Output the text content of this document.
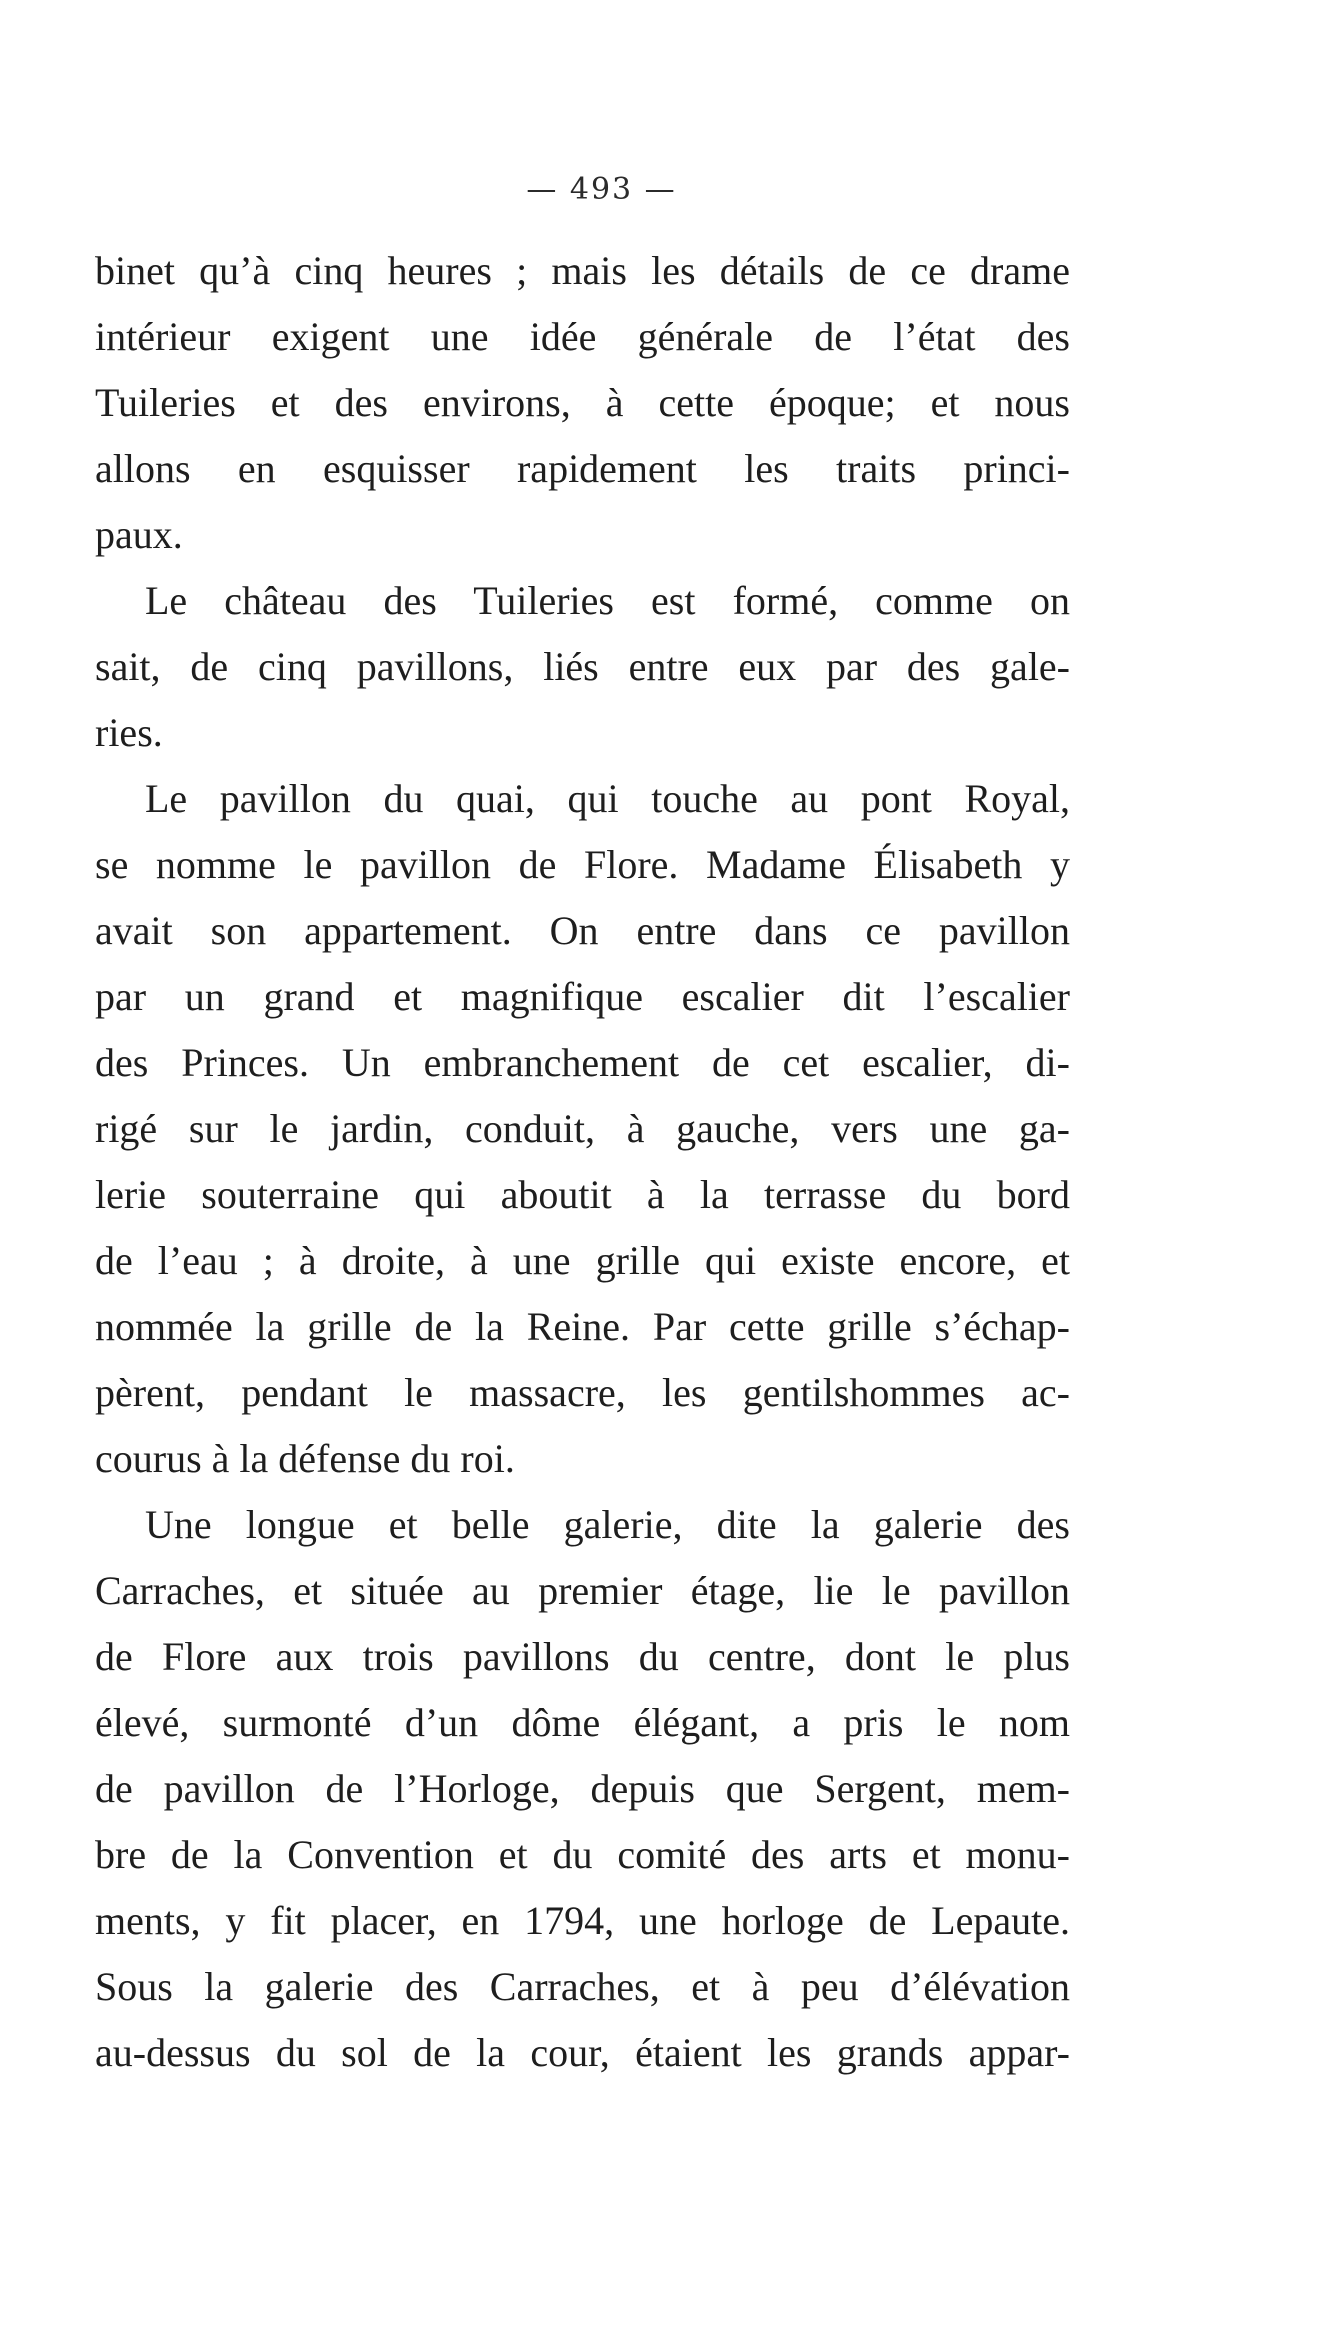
— 493 —
binet qu’à cinq heures ; mais les détails de ce drame
intérieur exigent une idée générale de l’état des
Tuileries et des environs, à cette époque; et nous
allons en esquisser rapidement les traits princi-
paux.
Le château des Tuileries est formé, comme on
sait, de cinq pavillons, liés entre eux par des gale-
ries.
Le pavillon du quai, qui touche au pont Royal,
se nomme le pavillon de Flore. Madame Élisabeth y
avait son appartement. On entre dans ce pavillon
par un grand et magnifique escalier dit l’escalier
des Princes. Un embranchement de cet escalier, di-
rigé sur le jardin, conduit, à gauche, vers une ga-
lerie souterraine qui aboutit à la terrasse du bord
de l’eau ; à droite, à une grille qui existe encore, et
nommée la grille de la Reine. Par cette grille s’échap-
pèrent, pendant le massacre, les gentilshommes ac-
courus à la défense du roi.
Une longue et belle galerie, dite la galerie des
Carraches, et située au premier étage, lie le pavillon
de Flore aux trois pavillons du centre, dont le plus
élevé, surmonté d’un dôme élégant, a pris le nom
de pavillon de l’Horloge, depuis que Sergent, mem-
bre de la Convention et du comité des arts et monu-
ments, y fit placer, en 1794, une horloge de Lepaute.
Sous la galerie des Carraches, et à peu d’élévation
au-dessus du sol de la cour, étaient les grands appar-
